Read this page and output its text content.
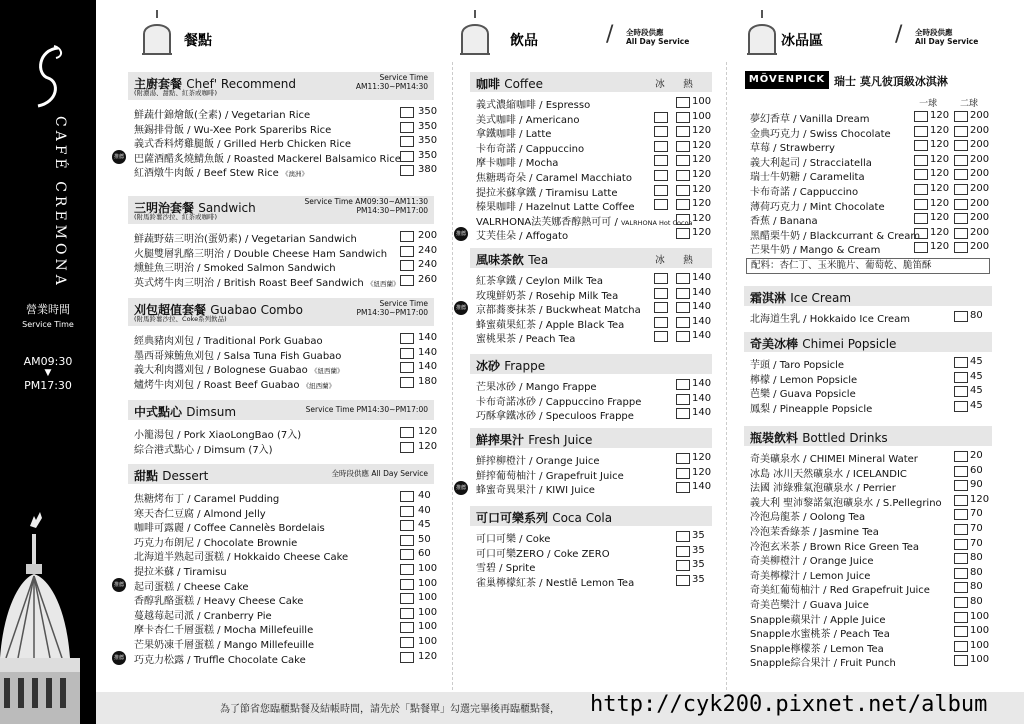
CAFÉ CREMONA
營業時間
Service Time
AM09:30
▼
PM17:30
餐點 Gourmet	飲品 Beverage
/ 全時段供應
All Day Service	冰品區 Ice Cream
/ 全時段供應
All Day Service
主廚套餐 Chef' Recommend
(附濃湯、甜點、紅茶或咖啡)
Service Time
AM11:30~PM14:30
鮮蔬什錦燴飯(全素) / Vegetarian Rice	350
無錫排骨飯 / Wu-Xee Pork Spareribs Rice	350
義式香料烤雞腿飯 / Grilled Herb Chicken Rice	350
推薦 巴薩酒醋炙燒鯖魚飯 / Roasted Mackerel Balsamico Rice 350
紅酒燉牛肉飯 / Beef Stew Rice 《澳洲》	380
三明治套餐 Sandwich
(附馬鈴薯沙拉、紅茶或咖啡)
Service Time AM09:30~AM11:30
PM14:30~PM17:00
鮮蔬野菇三明治(蛋奶素) / Vegetarian Sandwich	200
火腿雙層乳酪三明治 / Double Cheese Ham Sandwich	240
燻鮭魚三明治 / Smoked Salmon Sandwich	240
英式烤牛肉三明治 / British Roast Beef Sandwich 《紐西蘭》 260
刈包超值套餐 Guabao Combo
(附馬鈴薯沙拉、Coke系列飲品)
Service Time
PM14:30~PM17:00
經典豬肉刈包 / Traditional Pork Guabao	140
墨西哥辣鮪魚刈包 / Salsa Tuna Fish Guabao	140
義大利肉醬刈包 / Bolognese Guabao 《紐西蘭》	140
爐烤牛肉刈包 / Roast Beef Guabao 《紐西蘭》	180
中式點心 Dimsum	Service Time PM14:30~PM17:00
小籠湯包 / Pork XiaoLongBao (7入)	120
綜合港式點心 / Dimsum (7入)	120
甜點 Dessert	全時段供應 All Day Service
焦糖烤布丁 / Caramel Pudding	40
寒天杏仁豆腐 / Almond Jelly	40
咖啡可露麗 / Coffee Cannelès Bordelais	45
巧克力布朗尼 / Chocolate Brownie	50
北海道半熟起司蛋糕 / Hokkaido Cheese Cake	60
提拉米蘇 / Tiramisu	100
推薦 起司蛋糕 / Cheese Cake	100
香醇乳酪蛋糕 / Heavy Cheese Cake	100
蔓越莓起司派 / Cranberry Pie	100
摩卡杏仁千層蛋糕 / Mocha Millefeuille	100
芒果奶凍千層蛋糕 / Mango Millefeuille	100
推薦 巧克力松露 / Truffle Chocolate Cake	120
咖啡 Coffee	冰 熱
義式濃縮咖啡 / Espresso	100
美式咖啡 / Americano	100
拿鐵咖啡 / Latte	120
卡布奇諾 / Cappuccino	120
摩卡咖啡 / Mocha	120
焦糖瑪奇朵 / Caramel Macchiato	120
提拉米蘇拿鐵 / Tiramisu Latte	120
榛果咖啡 / Hazelnut Latte Coffee	120
VALRHONA法芙娜香醇熱可可 / VALRHONA Hot Cocoa 120
推薦 艾芙佳朵 / Affogato	120
風味茶飲 Tea	冰 熱
紅茶拿鐵 / Ceylon Milk Tea	140
玫瑰鮮奶茶 / Rosehip Milk Tea	140
推薦 京都蕎麥抹茶 / Buckwheat Matcha	140
蜂蜜蘋果紅茶 / Apple Black Tea	140
蜜桃果茶 / Peach Tea	140
冰砂 Frappe
芒果冰砂 / Mango Frappe	140
卡布奇諾冰砂 / Cappuccino Frappe	140
巧酥拿鐵冰砂 / Speculoos Frappe	140
鮮搾果汁 Fresh Juice
鮮搾柳橙汁 / Orange Juice	120
鮮搾葡萄柚汁 / Grapefruit Juice	120
推薦 蜂蜜奇異果汁 / KIWI Juice	140
可口可樂系列 Coca Cola
可口可樂 / Coke	35
可口可樂ZERO / Coke ZERO	35
雪碧 / Sprite	35
雀巢檸檬紅茶 / Nestlē Lemon Tea	35
MÖVENPICK 瑞士 莫凡彼頂級冰淇淋
一球	二球
夢幻香草 / Vanilla Dream	120 200
金典巧克力 / Swiss Chocolate	120 200
草莓 / Strawberry	120 200
義大利起司 / Stracciatella	120 200
瑞士牛奶糖 / Caramelita	120 200
卡布奇諾 / Cappuccino	120 200
薄荷巧克力 / Mint Chocolate	120 200
香蕉 / Banana	120 200
黑醋栗牛奶 / Blackcurrant & Cream 120 200
芒果牛奶 / Mango & Cream	120 200
霜淇淋 Ice Cream
北海道生乳 / Hokkaido Ice Cream	80
奇美冰棒 Chimei Popsicle
芋頭 / Taro Popsicle	45
檸檬 / Lemon Popsicle	45
芭樂 / Guava Popsicle	45
鳳梨 / Pineapple Popsicle	45
瓶裝飲料 Bottled Drinks
奇美礦泉水 / CHIMEI Mineral Water	20
冰島 冰川天然礦泉水 / ICELANDIC	60
法國 沛綠雅氣泡礦泉水 / Perrier	90
義大利 聖沛黎諾氣泡礦泉水 / S.Pellegrino	120
冷泡烏龍茶 / Oolong Tea	70
冷泡茉香綠茶 / Jasmine Tea	70
冷泡玄米茶 / Brown Rice Green Tea	70
奇美柳橙汁 / Orange Juice	80
奇美檸檬汁 / Lemon Juice	80
奇美紅葡萄柚汁 / Red Grapefruit Juice	80
奇美芭樂汁 / Guava Juice	80
Snapple蘋果汁 / Apple Juice	100
Snapple水蜜桃茶 / Peach Tea	100
Snapple檸檬茶 / Lemon Tea	100
Snapple綜合果汁 / Fruit Punch	100
配料：杏仁丁、玉米脆片、葡萄乾、脆笛酥
為了節省您臨櫃點餐及結帳時間，請先於「點餐單」勾選完畢後再臨櫃點餐， http://cyk200.pixnet.net/album
